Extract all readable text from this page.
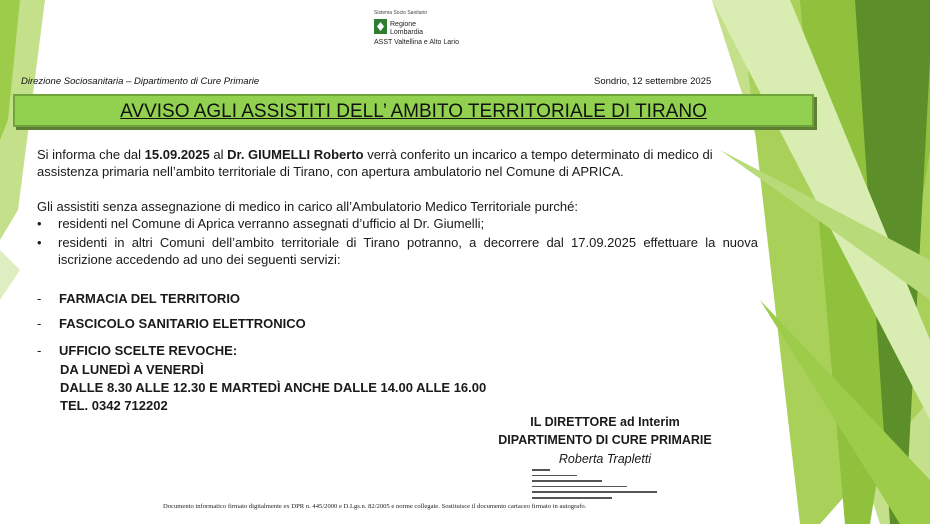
Sistema Socio Sanitario
Regione
Lombardia
ASST Valtellina e Alto Lario
Direzione Sociosanitaria – Dipartimento di Cure Primarie	Sondrio, 12 settembre 2025
AVVISO AGLI ASSISTITI DELL’ AMBITO TERRITORIALE DI TIRANO
Si informa che dal 15.09.2025 al Dr. GIUMELLI Roberto verrà conferito un incarico a tempo determinato di medico di assistenza primaria nell’ambito territoriale di Tirano, con apertura ambulatorio nel Comune di APRICA.
Gli assistiti senza assegnazione di medico in carico all’Ambulatorio Medico Territoriale purché:
• residenti nel Comune di Aprica verranno assegnati d’ufficio al Dr. Giumelli;
• residenti in altri Comuni dell’ambito territoriale di Tirano potranno, a decorrere dal 17.09.2025 effettuare la nuova iscrizione accedendo ad uno dei seguenti servizi:
- FARMACIA DEL TERRITORIO
- FASCICOLO SANITARIO ELETTRONICO
- UFFICIO SCELTE REVOCHE:
DA LUNEDÌ A VENERDÌ
DALLE 8.30 ALLE 12.30 E MARTEDÌ ANCHE DALLE 14.00 ALLE 16.00
TEL. 0342 712202
IL DIRETTORE ad Interim
DIPARTIMENTO DI CURE PRIMARIE
Roberta Trapletti
Documento informatico firmato digitalmente ex DPR n. 445/2000 e D.Lgs.n. 82/2005 e norme collegate. Sostituisce il documento cartaceo firmato in autografo.
